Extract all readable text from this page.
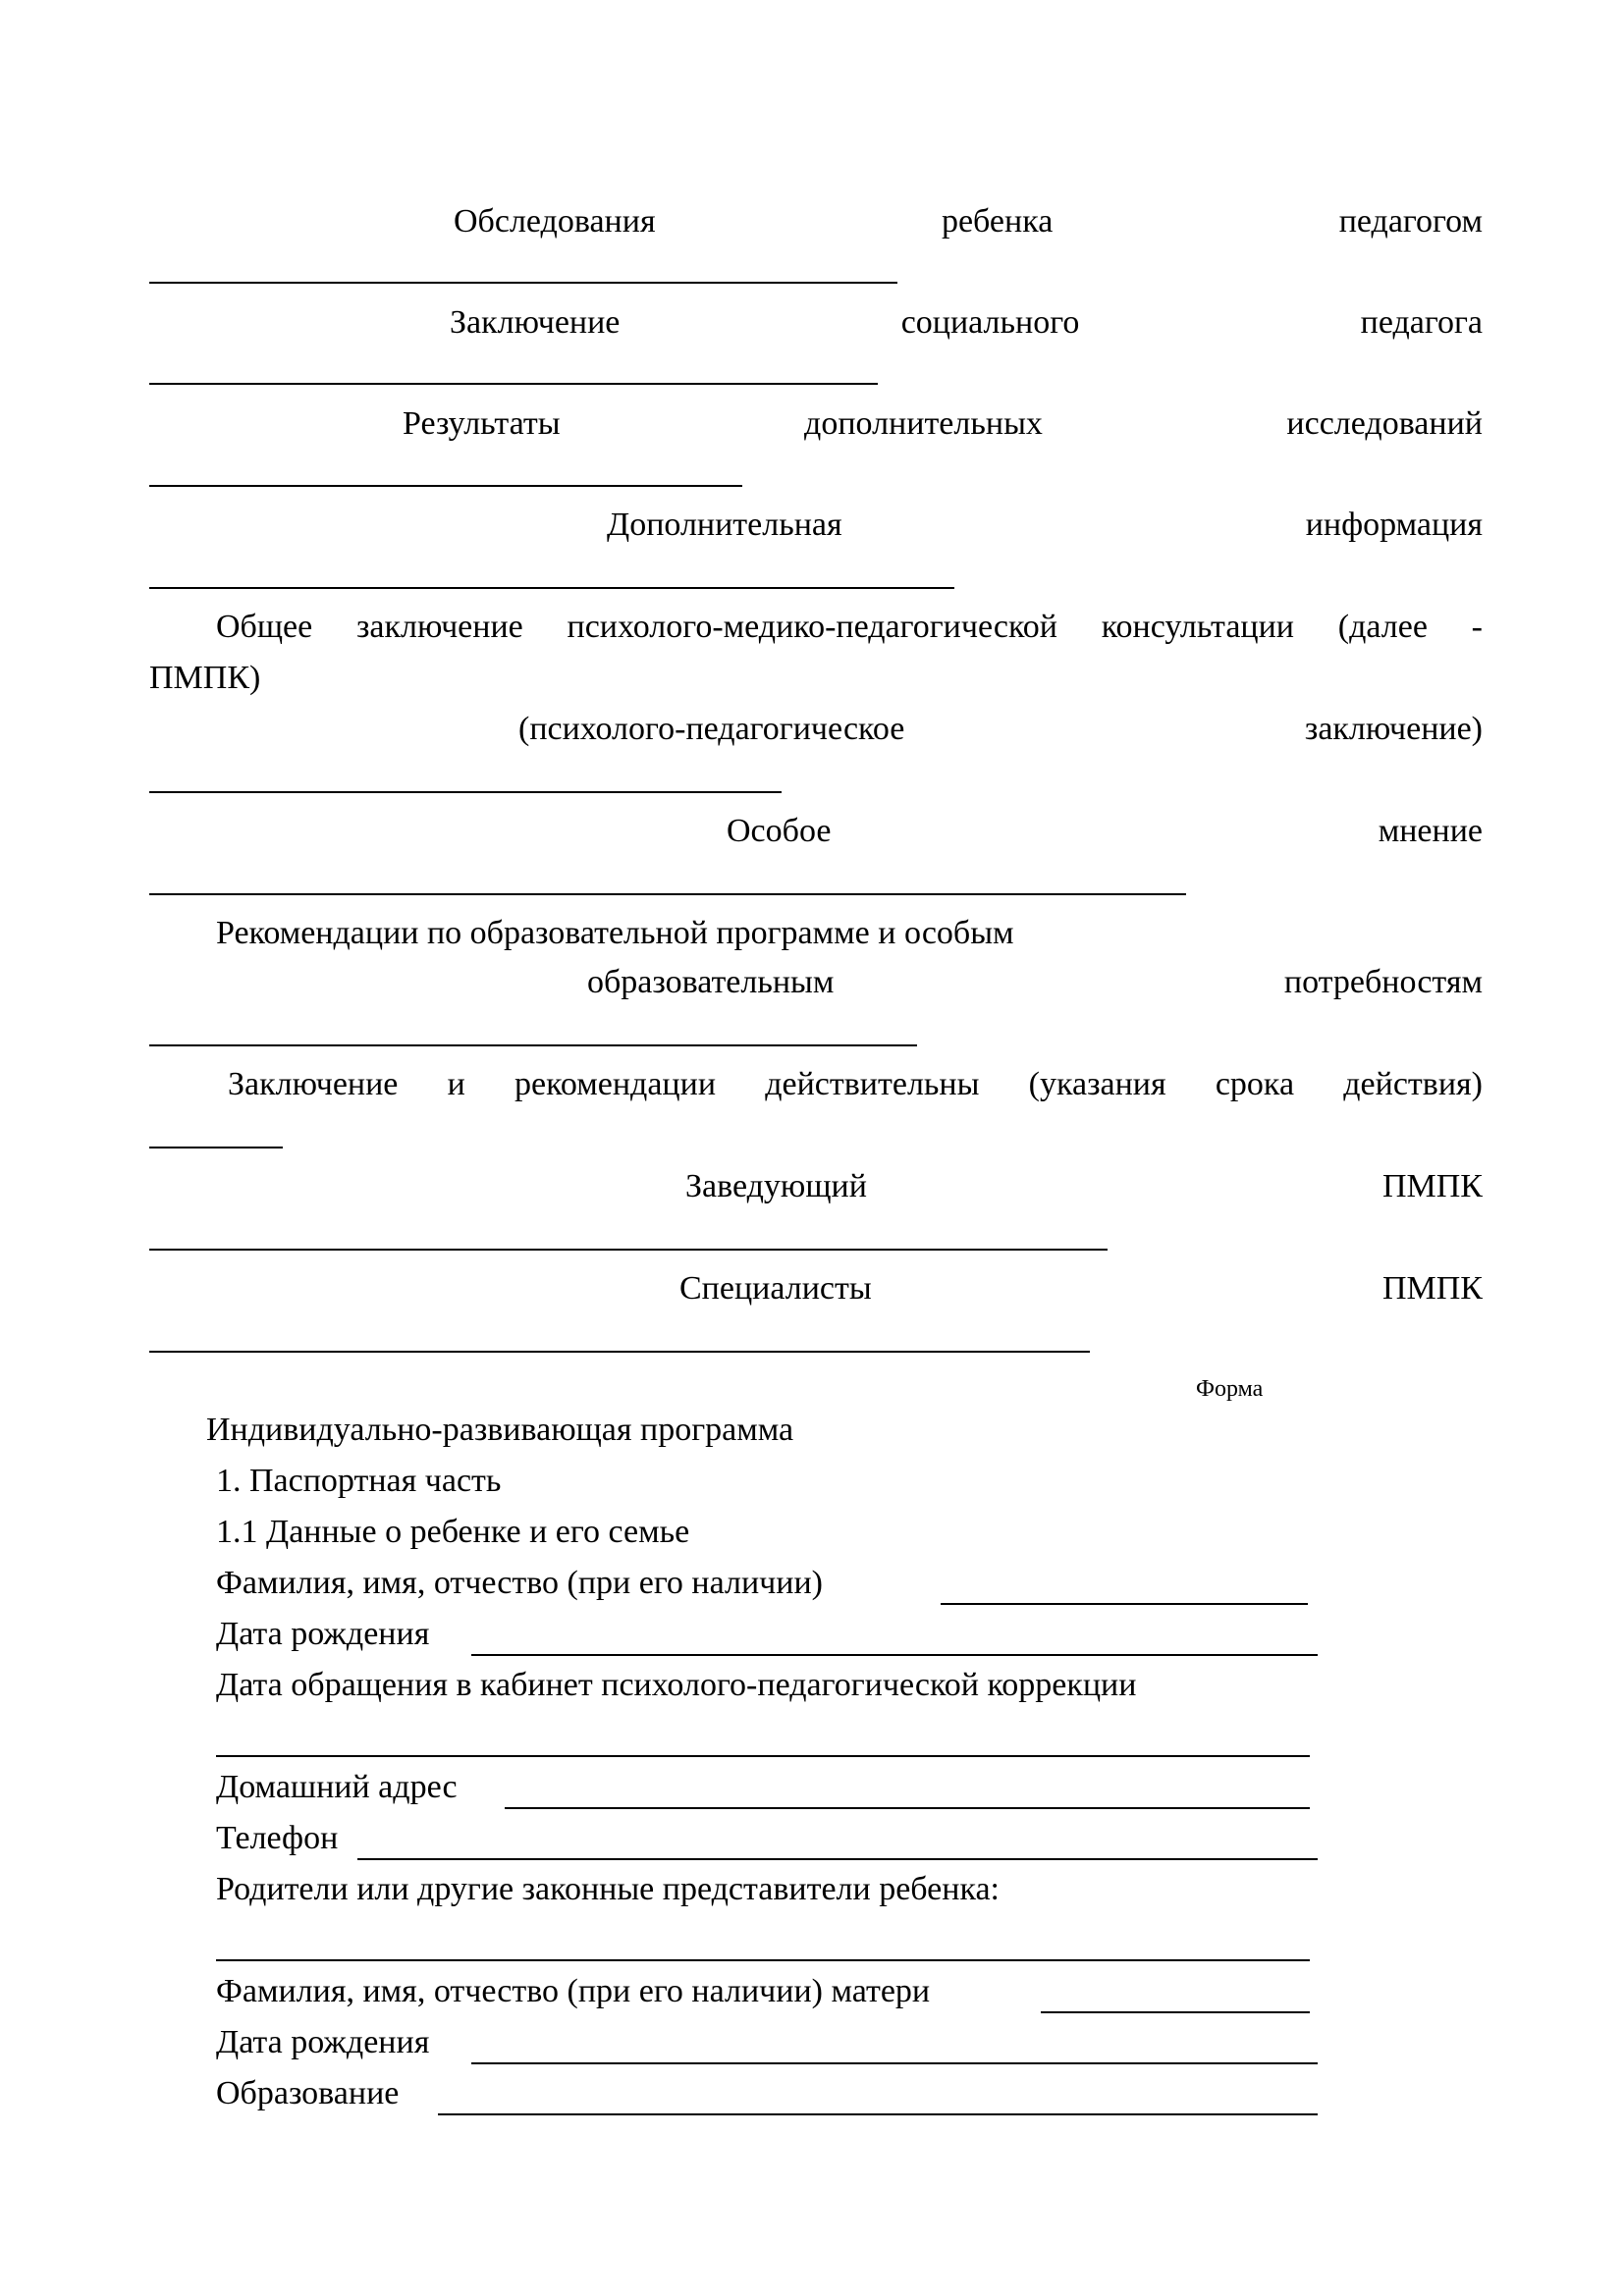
Обследования	ребенка	педагогом
Заключение	социального	педагога
Результаты	дополнительных	исследований
Дополнительная	информация
Общее заключение психолого-медико-педагогической консультации (далее -
ПМПК)
(психолого-педагогическое	заключение)
Особое	мнение
Рекомендации по образовательной программе и особым
образовательным	потребностям
Заключение и рекомендации действительны (указания срока действия)
Заведующий	ПМПК
Специалисты	ПМПК
Форма
Индивидуально-развивающая программа
1. Паспортная часть
1.1 Данные о ребенке и его семье
Фамилия, имя, отчество (при его наличии)
Дата рождения
Дата обращения в кабинет психолого-педагогической коррекции
Домашний адрес
Телефон
Родители или другие законные представители ребенка:
Фамилия, имя, отчество (при его наличии) матери
Дата рождения
Образование
